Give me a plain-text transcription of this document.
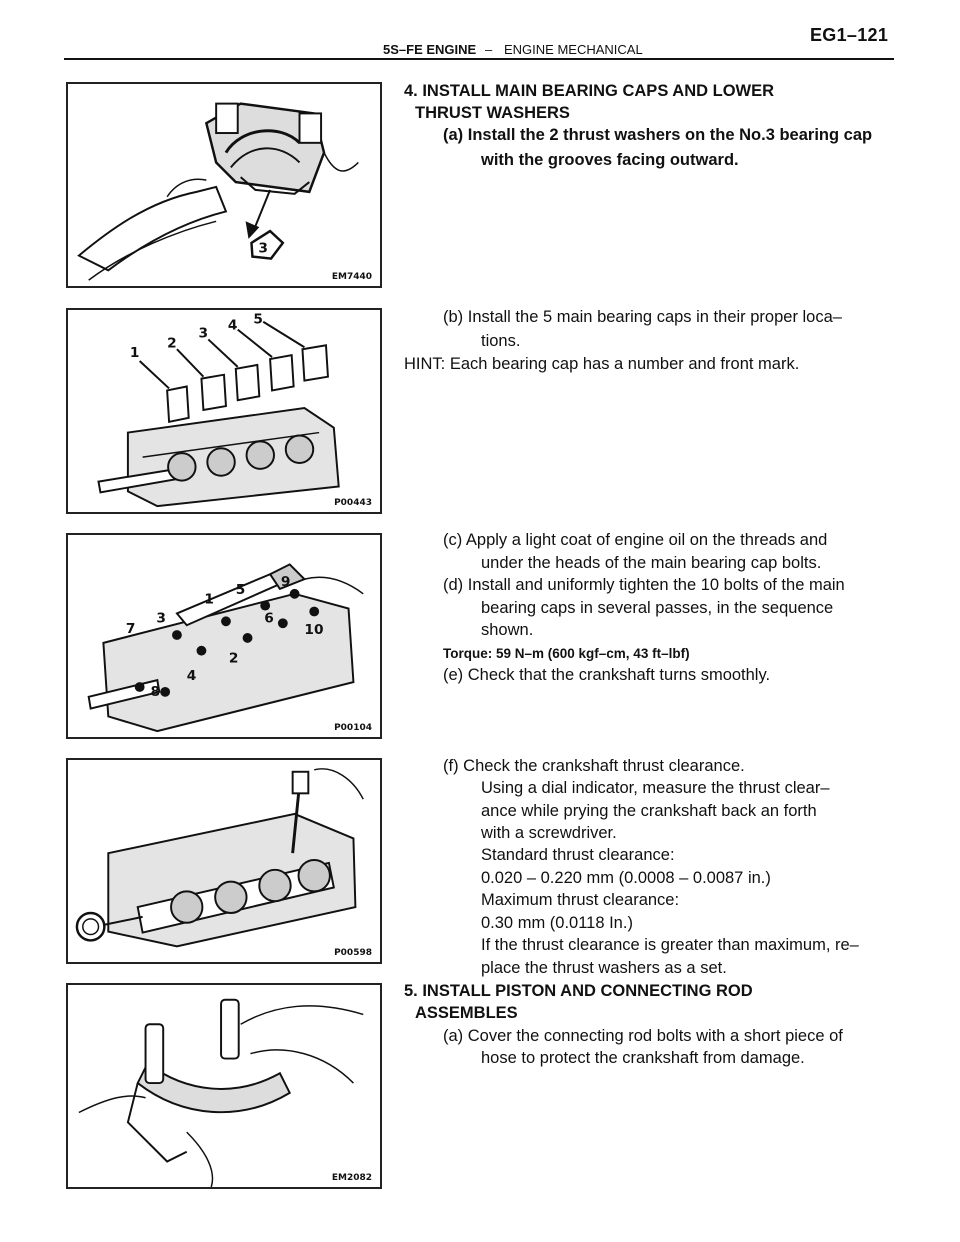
5S–FE ENGINE – ENGINE MECHANICAL
EG1–121
3
EM7440
1
2
3 4 5
P00443
1
2
3
4
5
6
7
8
9
10
P00104
P00598
EM2082
4. INSTALL MAIN BEARING CAPS AND LOWER
THRUST WASHERS
(a) Install the 2 thrust washers on the No.3 bearing cap
with the grooves facing outward.
(b) Install the 5 main bearing caps in their proper loca–
tions.
HINT: Each bearing cap has a number and front mark.
(c) Apply a light coat of engine oil on the threads and
under the heads of the main bearing cap bolts.
(d) Install and uniformly tighten the 10 bolts of the main
bearing caps in several passes, in the sequence
shown.
Torque: 59 N–m (600 kgf–cm, 43 ft–lbf)
(e) Check that the crankshaft turns smoothly.
(f) Check the crankshaft thrust clearance.
Using a dial indicator, measure the thrust clear–
ance while prying the crankshaft back an forth
with a screwdriver.
Standard thrust clearance:
0.020 – 0.220 mm (0.0008 – 0.0087 in.)
Maximum thrust clearance:
0.30 mm (0.0118 In.)
If the thrust clearance is greater than maximum, re–
place the thrust washers as a set.
5. INSTALL PISTON AND CONNECTING ROD
ASSEMBLES
(a) Cover the connecting rod bolts with a short piece of
hose to protect the crankshaft from damage.
